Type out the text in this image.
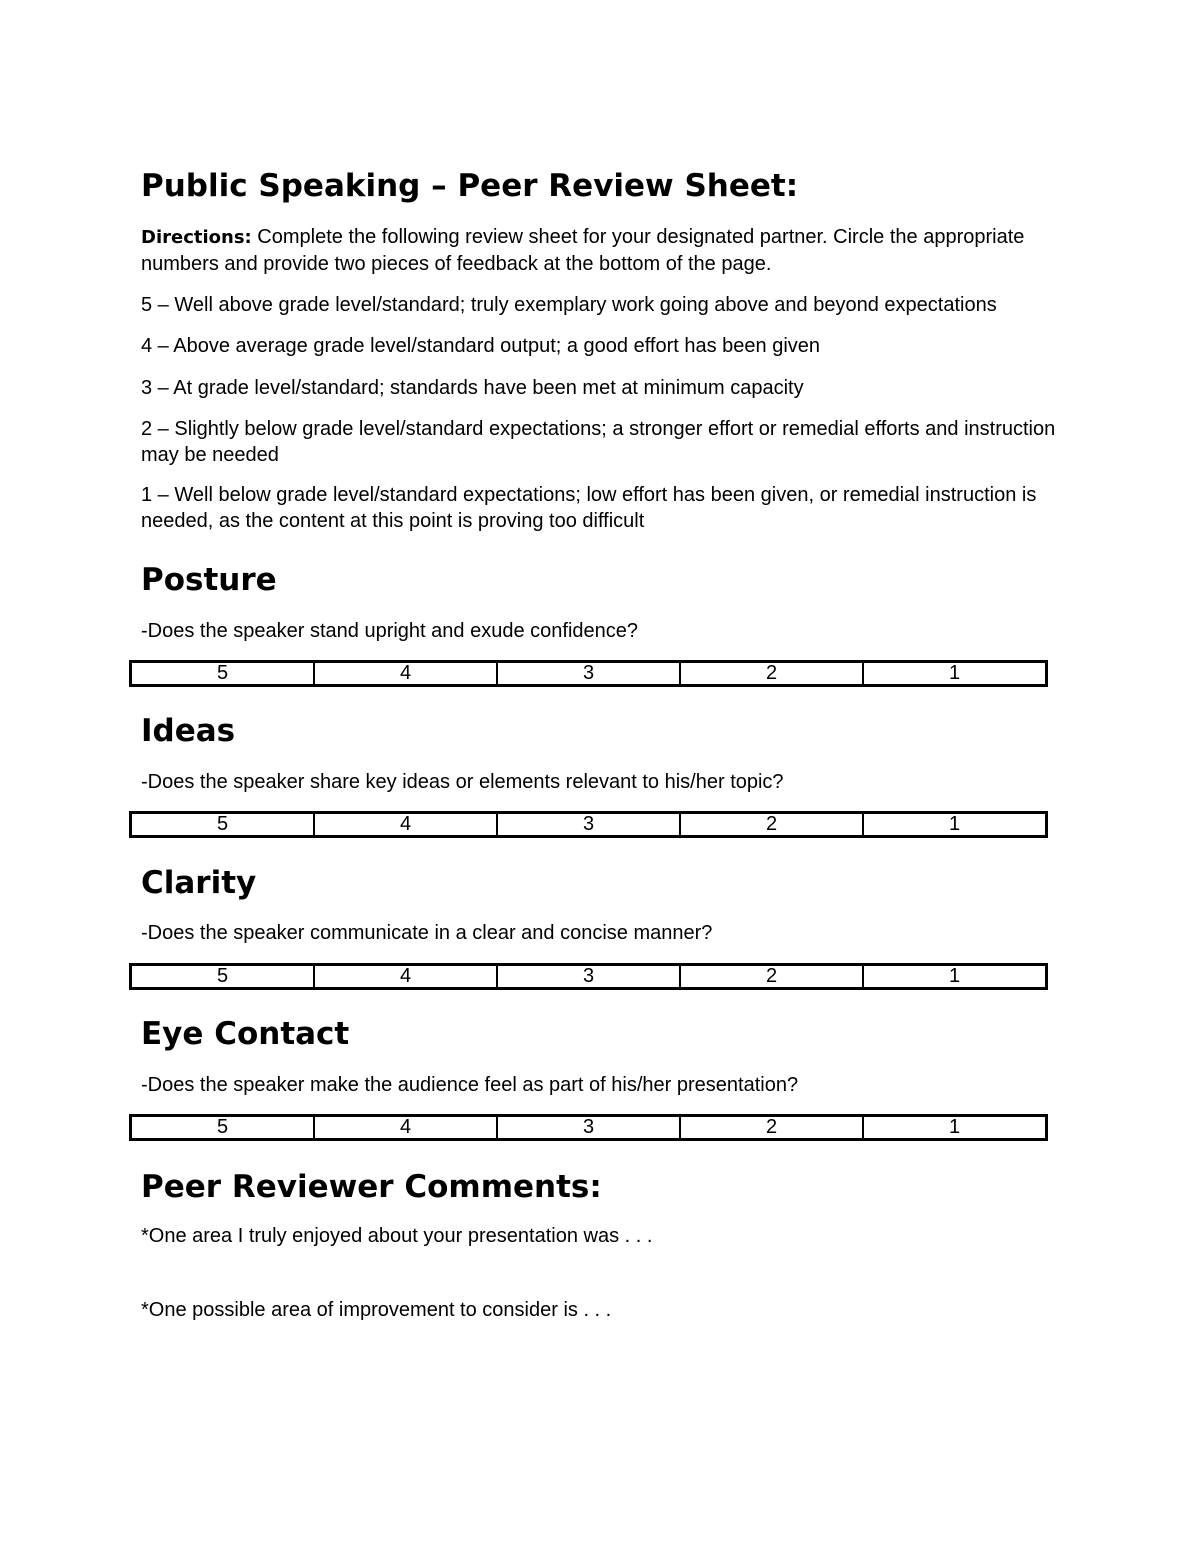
Public Speaking – Peer Review Sheet:
Directions: Complete the following review sheet for your designated partner. Circle the appropriate numbers and provide two pieces of feedback at the bottom of the page.
5 – Well above grade level/standard; truly exemplary work going above and beyond expectations
4 – Above average grade level/standard output; a good effort has been given
3 – At grade level/standard; standards have been met at minimum capacity
2 – Slightly below grade level/standard expectations; a stronger effort or remedial efforts and instruction may be needed
1 – Well below grade level/standard expectations; low effort has been given, or remedial instruction is needed, as the content at this point is proving too difficult
Posture
-Does the speaker stand upright and exude confidence?
5	4	3	2	1
Ideas
-Does the speaker share key ideas or elements relevant to his/her topic?
5	4	3	2	1
Clarity
-Does the speaker communicate in a clear and concise manner?
5	4	3	2	1
Eye Contact
-Does the speaker make the audience feel as part of his/her presentation?
5	4	3	2	1
Peer Reviewer Comments:
*One area I truly enjoyed about your presentation was . . .
*One possible area of improvement to consider is . . .
